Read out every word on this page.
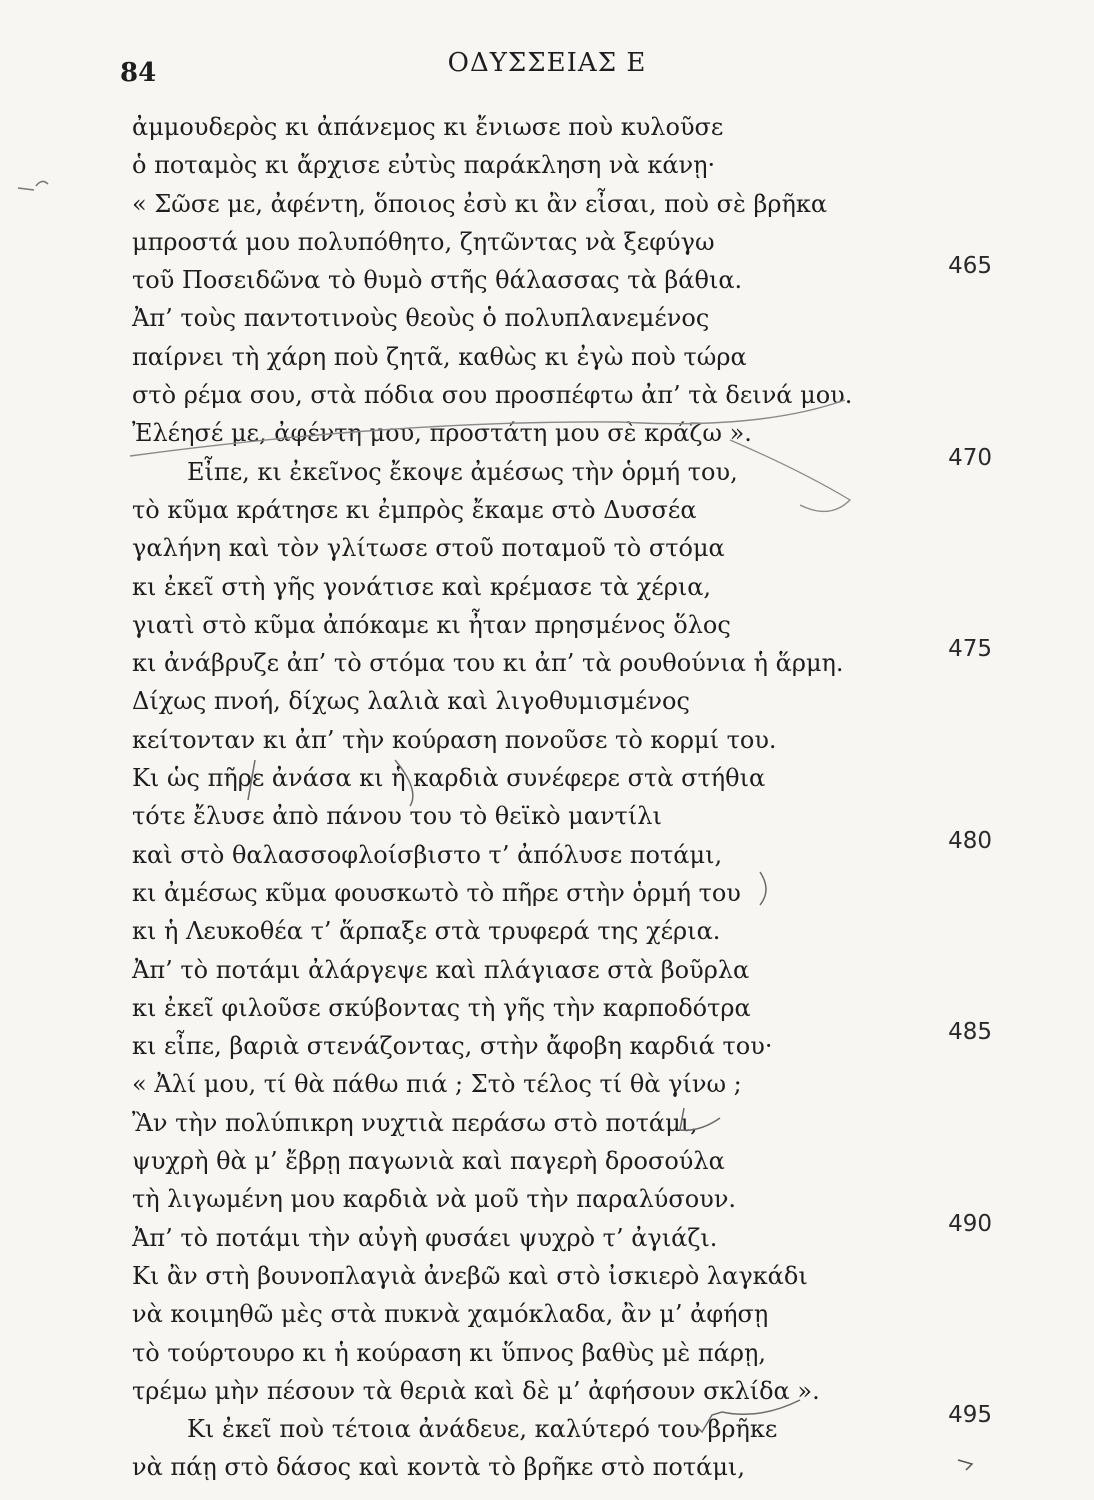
84	ΟΔΥΣΣΕΙΑΣ Ε
ἀμμουδερὸς κι ἀπάνεμος κι ἔνιωσε ποὺ κυλοῦσε
ὁ ποταμὸς κι ἄρχισε εὐτὺς παράκληση νὰ κάνῃ·
« Σῶσε με, ἀφέντη, ὅποιος ἐσὺ κι ἂν εἶσαι, ποὺ σὲ βρῆκα
μπροστά μου πολυπόθητο, ζητῶντας νὰ ξεφύγω
τοῦ Ποσειδῶνα τὸ θυμὸ στῆς θάλασσας τὰ βάθια.	465
Ἀπ’ τοὺς παντοτινοὺς θεοὺς ὁ πολυπλανεμένος
παίρνει τὴ χάρη ποὺ ζητᾶ, καθὼς κι ἐγὼ ποὺ τώρα
στὸ ρέμα σου, στὰ πόδια σου προσπέφτω ἀπ’ τὰ δεινά μου.
Ἐλέησέ με, ἀφέντη μου, προστάτη μου σὲ κράζω ».
Εἶπε, κι ἐκεῖνος ἔκοψε ἀμέσως τὴν ὁρμή του,	470
τὸ κῦμα κράτησε κι ἐμπρὸς ἔκαμε στὸ Δυσσέα
γαλήνη καὶ τὸν γλίτωσε στοῦ ποταμοῦ τὸ στόμα
κι ἐκεῖ στὴ γῆς γονάτισε καὶ κρέμασε τὰ χέρια,
γιατὶ στὸ κῦμα ἀπόκαμε κι ἦταν πρησμένος ὅλος
κι ἀνάβρυζε ἀπ’ τὸ στόμα του κι ἀπ’ τὰ ρουθούνια ἡ ἅρμη.	475
Δίχως πνοή, δίχως λαλιὰ καὶ λιγοθυμισμένος
κείτονταν κι ἀπ’ τὴν κούραση πονοῦσε τὸ κορμί του.
Κι ὡς πῆρε ἀνάσα κι ἡ καρδιὰ συνέφερε στὰ στήθια
τότε ἔλυσε ἀπὸ πάνου του τὸ θεϊκὸ μαντίλι
καὶ στὸ θαλασσοφλοίσβιστο τ’ ἀπόλυσε ποτάμι,	480
κι ἀμέσως κῦμα φουσκωτὸ τὸ πῆρε στὴν ὁρμή του
κι ἡ Λευκοθέα τ’ ἅρπαξε στὰ τρυφερά της χέρια.
Ἀπ’ τὸ ποτάμι ἀλάργεψε καὶ πλάγιασε στὰ βοῦρλα
κι ἐκεῖ φιλοῦσε σκύβοντας τὴ γῆς τὴν καρποδότρα
κι εἶπε, βαριὰ στενάζοντας, στὴν ἄφοβη καρδιά του·	485
« Ἀλί μου, τί θὰ πάθω πιά ; Στὸ τέλος τί θὰ γίνω ;
Ἂν τὴν πολύπικρη νυχτιὰ περάσω στὸ ποτάμι,
ψυχρὴ θὰ μ’ ἔβρῃ παγωνιὰ καὶ παγερὴ δροσούλα
τὴ λιγωμένη μου καρδιὰ νὰ μοῦ τὴν παραλύσουν.
Ἀπ’ τὸ ποτάμι τὴν αὐγὴ φυσάει ψυχρὸ τ’ ἀγιάζι.	490
Κι ἂν στὴ βουνοπλαγιὰ ἀνεβῶ καὶ στὸ ἰσκιερὸ λαγκάδι
νὰ κοιμηθῶ μὲς στὰ πυκνὰ χαμόκλαδα, ἂν μ’ ἀφήσῃ
τὸ τούρτουρο κι ἡ κούραση κι ὕπνος βαθὺς μὲ πάρῃ,
τρέμω μὴν πέσουν τὰ θεριὰ καὶ δὲ μ’ ἀφήσουν σκλίδα ».
Κι ἐκεῖ ποὺ τέτοια ἀνάδευε, καλύτερό του βρῆκε	495
νὰ πάῃ στὸ δάσος καὶ κοντὰ τὸ βρῆκε στὸ ποτάμι,
